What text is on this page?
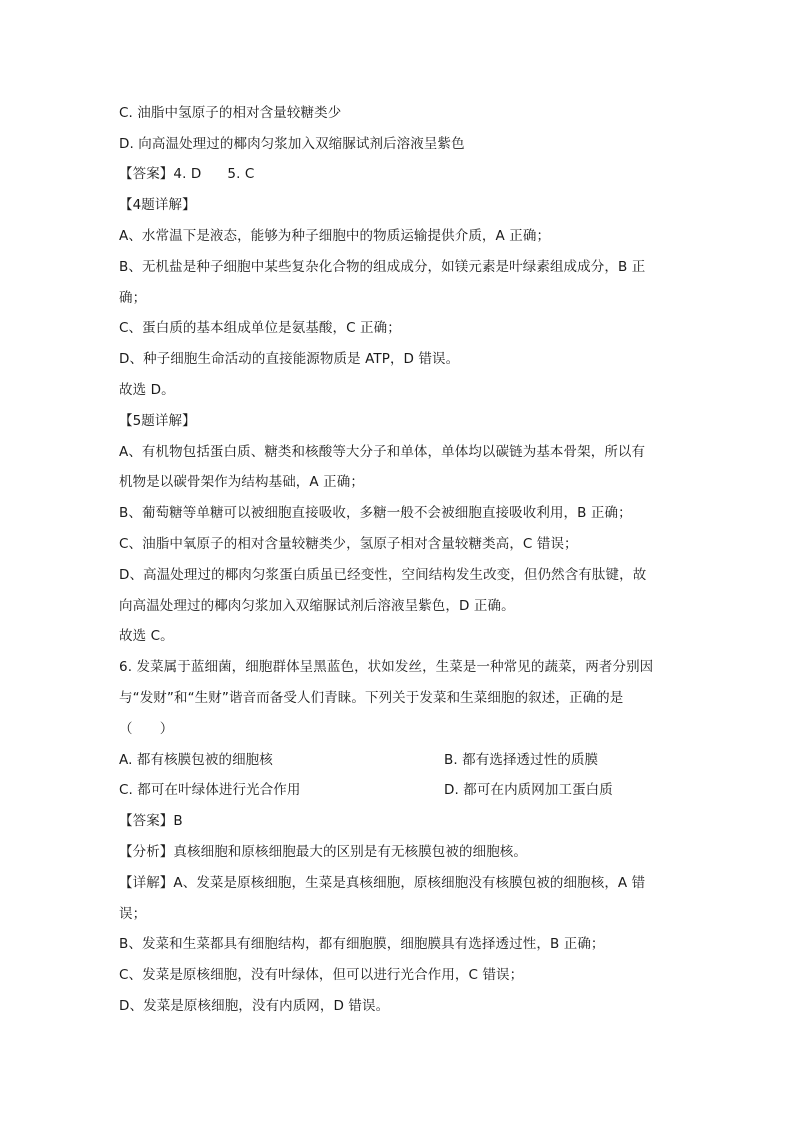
C. 油脂中氢原子的相对含量较糖类少
D. 向高温处理过的椰肉匀浆加入双缩脲试剂后溶液呈紫色
【答案】4. D 5. C
【4题详解】
A、水常温下是液态，能够为种子细胞中的物质运输提供介质，A 正确；
B、无机盐是种子细胞中某些复杂化合物的组成成分，如镁元素是叶绿素组成成分，B 正
确；
C、蛋白质的基本组成单位是氨基酸，C 正确；
D、种子细胞生命活动的直接能源物质是 ATP，D 错误。
故选 D。
【5题详解】
A、有机物包括蛋白质、糖类和核酸等大分子和单体，单体均以碳链为基本骨架，所以有
机物是以碳骨架作为结构基础，A 正确；
B、葡萄糖等单糖可以被细胞直接吸收，多糖一般不会被细胞直接吸收利用，B 正确；
C、油脂中氧原子的相对含量较糖类少，氢原子相对含量较糖类高，C 错误；
D、高温处理过的椰肉匀浆蛋白质虽已经变性，空间结构发生改变，但仍然含有肽键，故
向高温处理过的椰肉匀浆加入双缩脲试剂后溶液呈紫色，D 正确。
故选 C。
6. 发菜属于蓝细菌，细胞群体呈黑蓝色，状如发丝，生菜是一种常见的蔬菜，两者分别因
与“发财”和“生财”谐音而备受人们青睐。下列关于发菜和生菜细胞的叙述，正确的是
（　　）
A. 都有核膜包被的细胞核	B. 都有选择透过性的质膜
C. 都可在叶绿体进行光合作用	D. 都可在内质网加工蛋白质
【答案】B
【分析】真核细胞和原核细胞最大的区别是有无核膜包被的细胞核。
【详解】A、发菜是原核细胞，生菜是真核细胞，原核细胞没有核膜包被的细胞核，A 错
误；
B、发菜和生菜都具有细胞结构，都有细胞膜，细胞膜具有选择透过性，B 正确；
C、发菜是原核细胞，没有叶绿体，但可以进行光合作用，C 错误；
D、发菜是原核细胞，没有内质网，D 错误。
